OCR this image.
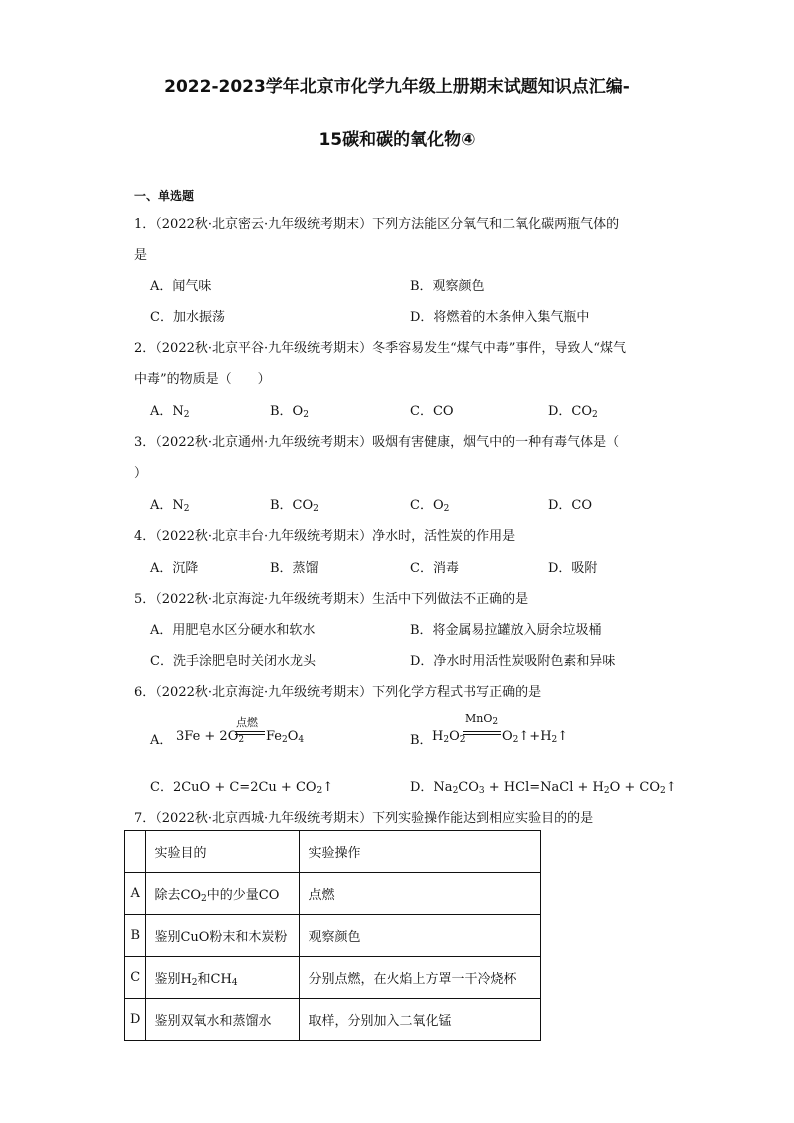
2022-2023学年北京市化学九年级上册期末试题知识点汇编-
15碳和碳的氧化物④
一、单选题
1．（2022秋·北京密云·九年级统考期末）下列方法能区分氧气和二氧化碳两瓶气体的
是
A．闻气味	B．观察颜色
C．加水振荡	D．将燃着的木条伸入集气瓶中
2．（2022秋·北京平谷·九年级统考期末）冬季容易发生“煤气中毒”事件，导致人“煤气
中毒”的物质是（　　）
A．$N_2$	B．$O_2$	C．CO	D．$CO_2$
3．（2022秋·北京通州·九年级统考期末）吸烟有害健康，烟气中的一种有毒气体是（
）
A．$N_2$	B．$CO_2$	C．$O_2$	D．CO
4．（2022秋·北京丰台·九年级统考期末）净水时，活性炭的作用是
A．沉降	B．蒸馏	C．消毒	D．吸附
5．（2022秋·北京海淀·九年级统考期末）生活中下列做法不正确的是
A．用肥皂水区分硬水和软水	B．将金属易拉罐放入厨余垃圾桶
C．洗手涂肥皂时关闭水龙头	D．净水时用活性炭吸附色素和异味
6．（2022秋·北京海淀·九年级统考期末）下列化学方程式书写正确的是
A． $3Fe + 2O_2$
点燃
$Fe_2O_4$	B． $H_2O_2$
MnO$_2$
$O_2↑+H_2↑$
C．$2CuO + C=2Cu + CO_2↑$	D．$Na_2CO_3$ + HCl=NaCl + $H_2O$ + $CO_2↑$
7．（2022秋·北京西城·九年级统考期末）下列实验操作能达到相应实验目的的是
	实验目的	实验操作
A	除去$CO_2$中的少量CO	点燃
B	鉴别CuO粉末和木炭粉	观察颜色
C	鉴别$H_2$和$CH_4$	分别点燃，在火焰上方罩一干冷烧杯
D	鉴别双氧水和蒸馏水	取样，分别加入二氧化锰
